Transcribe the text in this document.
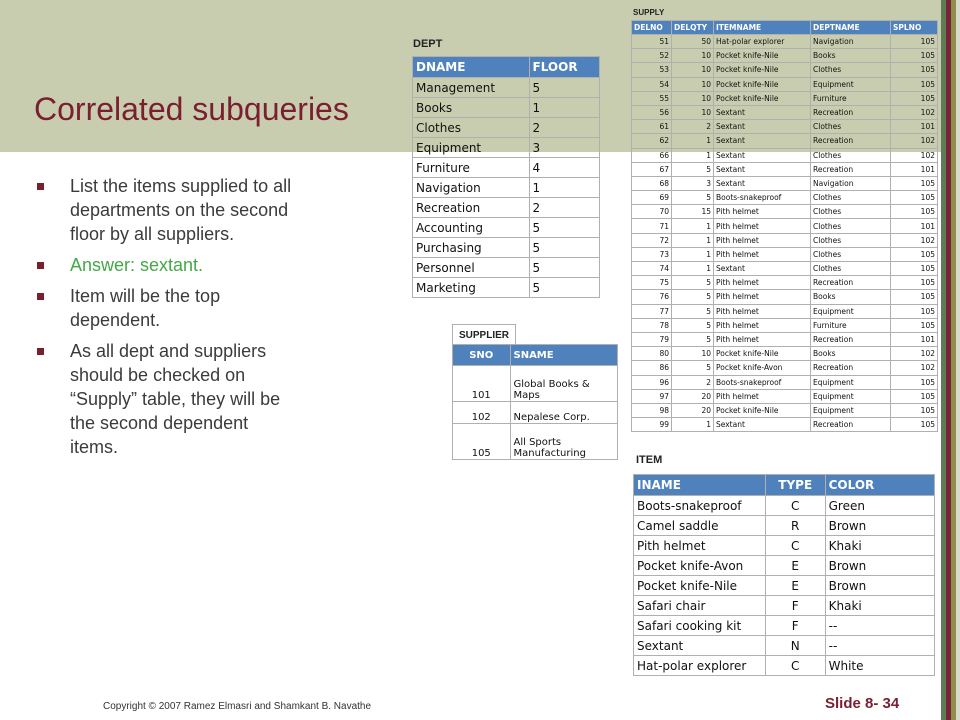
Correlated subqueries
List the items supplied to all departments on the second floor by all suppliers.
Answer: sextant.
Item will be the top dependent.
As all dept and suppliers should be checked on “Supply” table, they will be the second dependent items.
DEPT
DNAME	FLOOR
Management	5
Books	1
Clothes	2
Equipment	3
Furniture	4
Navigation	1
Recreation	2
Accounting	5
Purchasing	5
Personnel	5
Marketing	5
SUPPLIER
SNO	SNAME
101	Global Books & Maps
102	Nepalese Corp.
105	All Sports Manufacturing
SUPPLY
DELNO	DELQTY	ITEMNAME	DEPTNAME	SPLNO
51	50	Hat-polar explorer	Navigation	105
52	10	Pocket knife-Nile	Books	105
53	10	Pocket knife-Nile	Clothes	105
54	10	Pocket knife-Nile	Equipment	105
55	10	Pocket knife-Nile	Furniture	105
56	10	Sextant	Recreation	102
61	2	Sextant	Clothes	101
62	1	Sextant	Recreation	102
66	1	Sextant	Clothes	102
67	5	Sextant	Recreation	101
68	3	Sextant	Navigation	105
69	5	Boots-snakeproof	Clothes	105
70	15	Pith helmet	Clothes	105
71	1	Pith helmet	Clothes	101
72	1	Pith helmet	Clothes	102
73	1	Pith helmet	Clothes	105
74	1	Sextant	Clothes	105
75	5	Pith helmet	Recreation	105
76	5	Pith helmet	Books	105
77	5	Pith helmet	Equipment	105
78	5	Pith helmet	Furniture	105
79	5	Pith helmet	Recreation	101
80	10	Pocket knife-Nile	Books	102
86	5	Pocket knife-Avon	Recreation	102
96	2	Boots-snakeproof	Equipment	105
97	20	Pith helmet	Equipment	105
98	20	Pocket knife-Nile	Equipment	105
99	1	Sextant	Recreation	105
ITEM
INAME	TYPE	COLOR
Boots-snakeproof	C	Green
Camel saddle	R	Brown
Pith helmet	C	Khaki
Pocket knife-Avon	E	Brown
Pocket knife-Nile	E	Brown
Safari chair	F	Khaki
Safari cooking kit	F	--
Sextant	N	--
Hat-polar explorer	C	White
Copyright © 2007 Ramez Elmasri and Shamkant B. Navathe	Slide 8- 34
